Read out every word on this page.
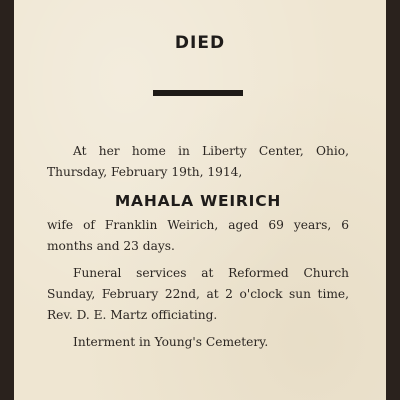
DIED

At her home in Liberty Center, Ohio, Thursday, February 19th, 1914,

MAHALA WEIRICH

wife of Franklin Weirich, aged 69 years, 6 months and 23 days.

Funeral services at Reformed Church Sunday, February 22nd, at 2 o'clock sun time, Rev. D. E. Martz officiating.

Interment in Young's Cemetery.
